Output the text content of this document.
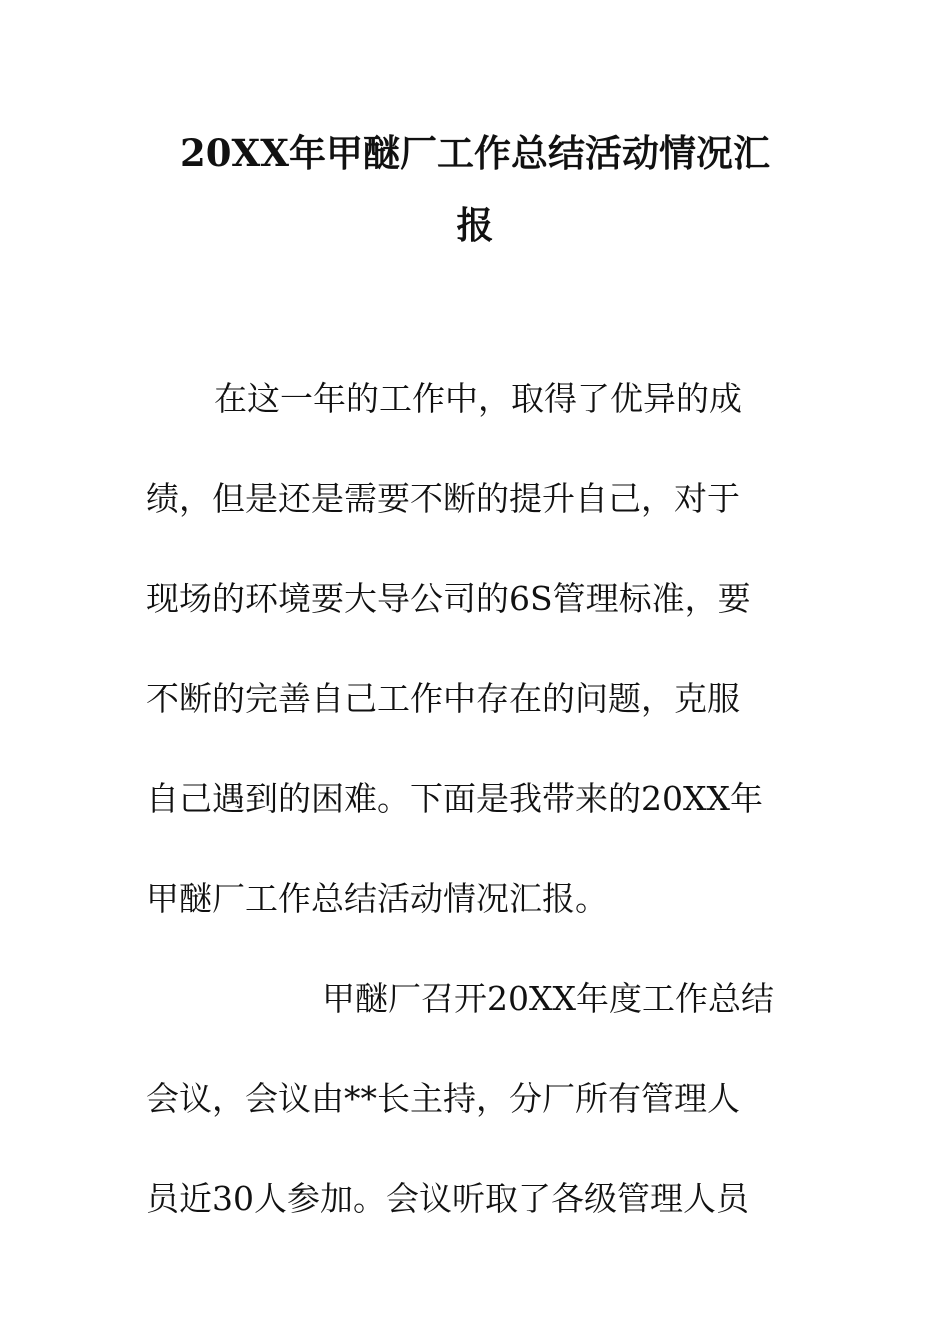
20XX年甲醚厂工作总结活动情况汇
报

在这一年的工作中，取得了优异的成

绩，但是还是需要不断的提升自己，对于

现场的环境要大导公司的6S管理标准，要

不断的完善自己工作中存在的问题，克服

自己遇到的困难。下面是我带来的20XX年

甲醚厂工作总结活动情况汇报。

甲醚厂召开20XX年度工作总结

会议，会议由**长主持，分厂所有管理人

员近30人参加。会议听取了各级管理人员
